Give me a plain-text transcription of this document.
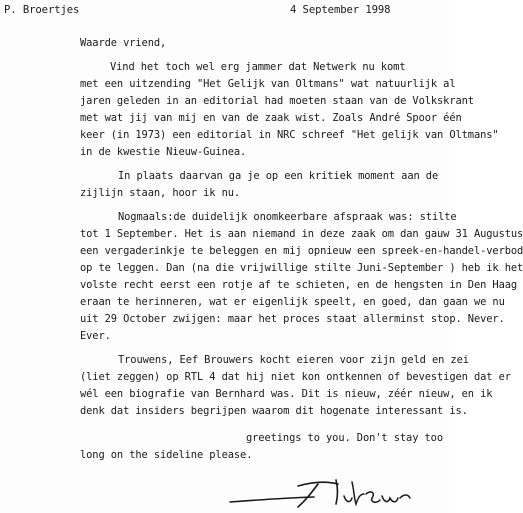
P. Broertjes	4 September 1998
Waarde vriend,
Vind het toch wel erg jammer dat Netwerk nu komt
met een uitzending "Het Gelijk van Oltmans" wat natuurlijk al
jaren geleden in an editorial had moeten staan van de Volkskrant
met wat jij van mij en van de zaak wist. Zoals André Spoor één
keer (in 1973) een editorial in NRC schreef "Het gelijk van Oltmans"
in de kwestie Nieuw-Guinea.
In plaats daarvan ga je op een kritiek moment aan de
zijlijn staan, hoor ik nu.
Nogmaals:de duidelijk onomkeerbare afspraak was: stilte
tot 1 September. Het is aan niemand in deze zaak om dan gauw 31 Augustus
een vergaderinkje te beleggen en mij opnieuw een spreek-en-handel-verbod
op te leggen. Dan (na die vrijwillige stilte Juni-September ) heb ik het
volste recht eerst een rotje af te schieten, en de hengsten in Den Haag
eraan te herinneren, wat er eigenlijk speelt, en goed, dan gaan we nu
uit 29 October zwijgen: maar het proces staat allerminst stop. Never.
Ever.
Trouwens, Eef Brouwers kocht eieren voor zijn geld en zei
(liet zeggen) op RTL 4 dat hij niet kon ontkennen of bevestigen dat er
wél een biografie van Bernhard was. Dit is nieuw, zéér nieuw, en ik
denk dat insiders begrijpen waarom dit hogenate interessant is.
greetings to you. Don't stay too
long on the sideline please.
